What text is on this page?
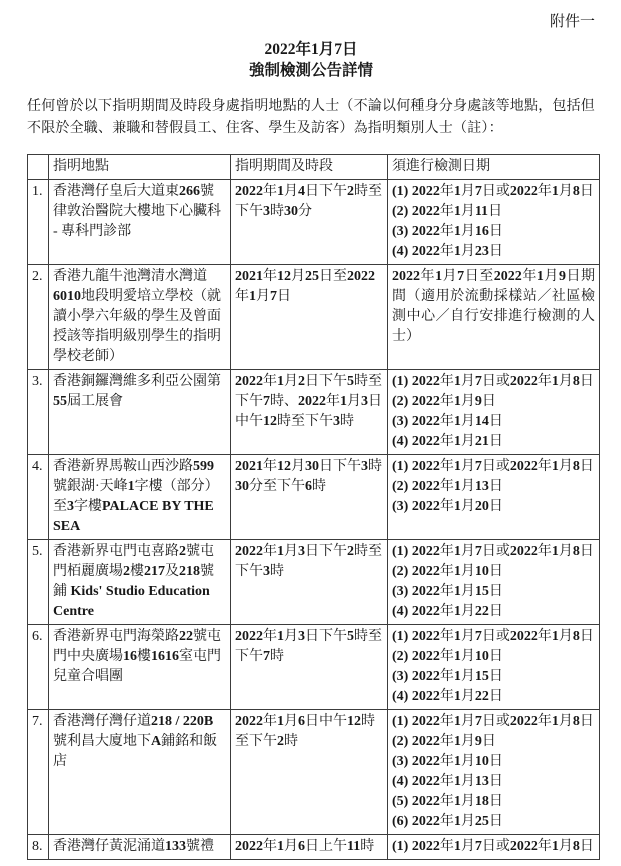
附件一
2022年1月7日
強制檢測公告詳情
任何曾於以下指明期間及時段身處指明地點的人士（不論以何種身分身處該等地點，包括但不限於全職、兼職和替假員工、住客、學生及訪客）為指明類別人士（註）：
	指明地點	指明期間及時段	須進行檢測日期
1.	香港灣仔皇后大道東266號律敦治醫院大樓地下心臟科 - 專科門診部	2022年1月4日下午2時至下午3時30分	(1) 2022年1月7日或2022年1月8日
(2) 2022年1月11日
(3) 2022年1月16日
(4) 2022年1月23日

2.	香港九龍牛池灣清水灣道6010地段明愛培立學校（就讀小學六年級的學生及曾面授該等指明級別學生的指明學校老師）	2021年12月25日至2022年1月7日	2022年1月7日至2022年1月9日期間（適用於流動採樣站／社區檢測中心／自行安排進行檢測的人士）

3.	香港銅鑼灣維多利亞公園第55屆工展會	2022年1月2日下午5時至下午7時、2022年1月3日中午12時至下午3時	(1) 2022年1月7日或2022年1月8日
(2) 2022年1月9日
(3) 2022年1月14日
(4) 2022年1月21日

4.	香港新界馬鞍山西沙路599號銀湖·天峰1字樓（部分）至3字樓PALACE BY THE SEA	2021年12月30日下午3時30分至下午6時	(1) 2022年1月7日或2022年1月8日
(2) 2022年1月13日
(3) 2022年1月20日

5.	香港新界屯門屯喜路2號屯門栢麗廣場2樓217及218號鋪 Kids' Studio Education Centre	2022年1月3日下午2時至下午3時	(1) 2022年1月7日或2022年1月8日
(2) 2022年1月10日
(3) 2022年1月15日
(4) 2022年1月22日

6.	香港新界屯門海榮路22號屯門中央廣場16樓1616室屯門兒童合唱團	2022年1月3日下午5時至下午7時	(1) 2022年1月7日或2022年1月8日
(2) 2022年1月10日
(3) 2022年1月15日
(4) 2022年1月22日

7.	香港灣仔灣仔道218 / 220B號利昌大廈地下A鋪銘和飯店	2022年1月6日中午12時至下午2時	
(1) 2022年1月7日或2022年1月8日
(2) 2022年1月9日
(3) 2022年1月10日
(4) 2022年1月13日
(5) 2022年1月18日
(6) 2022年1月25日

8.	香港灣仔黃泥涌道133號禮	2022年1月6日上午11時	(1) 2022年1月7日或2022年1月8日
